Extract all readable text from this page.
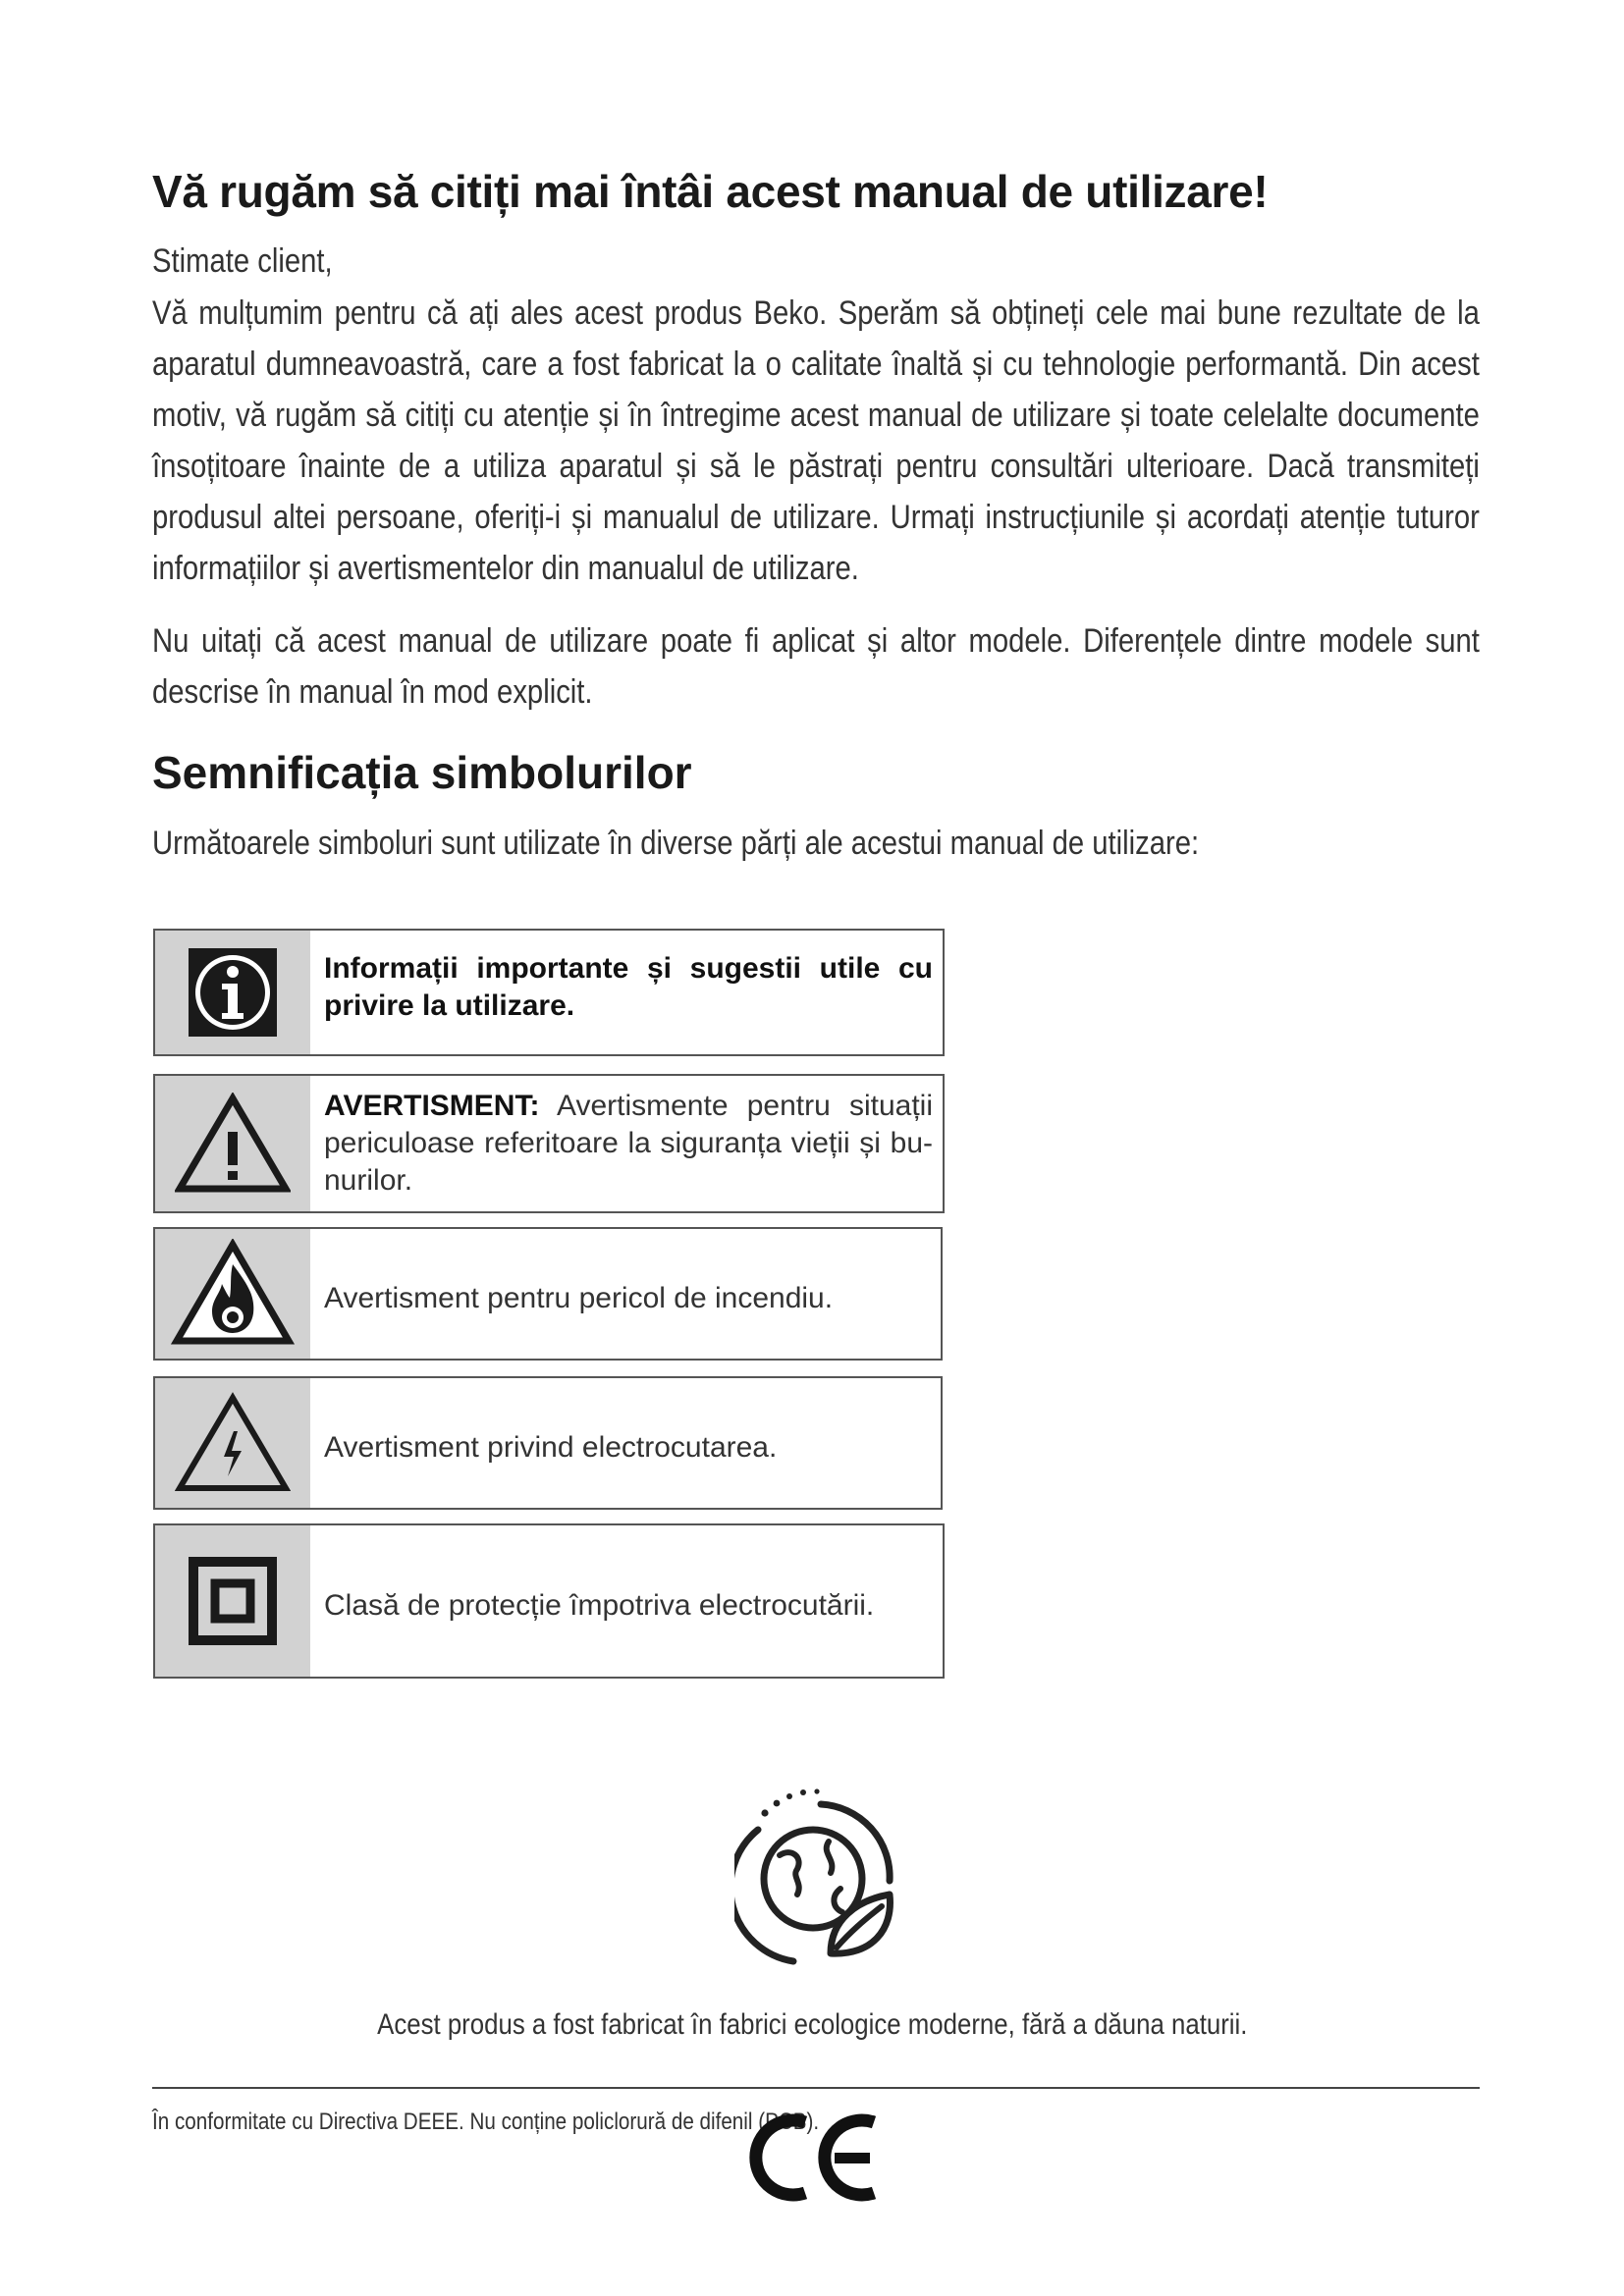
Vă rugăm să citiți mai întâi acest manual de utilizare!

Stimate client,

Vă mulțumim pentru că ați ales acest produs Beko. Sperăm să obțineți cele mai bune rezultate de la aparatul dumneavoastră, care a fost fabricat la o calitate înaltă și cu tehnologie performantă. Din acest motiv, vă rugăm să citiți cu atenție și în întregime acest manual de utilizare și toate celelalte documente însoțitoare înainte de a utiliza aparatul și să le păstrați pentru consultări ulterioare. Dacă transmiteți produsul altei persoane, oferiți-i și manualul de utilizare. Urmați instrucțiunile și acordați atenție tuturor informațiilor și avertismentelor din manualul de utilizare.

Nu uitați că acest manual de utilizare poate fi aplicat și altor modele. Diferențele dintre modele sunt descrise în manual în mod explicit.

Semnificația simbolurilor

Următoarele simboluri sunt utilizate în diverse părți ale acestui manual de utilizare:

Informații importante și sugestii utile cu privire la utilizare.
AVERTISMENT: Avertismente pentru situații periculoase referitoare la siguranța vieții și bu-nurilor.
Avertisment pentru pericol de incendiu.
Avertisment privind electrocutarea.
Clasă de protecție împotriva electrocutării.

Acest produs a fost fabricat în fabrici ecologice moderne, fără a dăuna naturii.

În conformitate cu Directiva DEEE. Nu conține policlorură de difenil (PCB).
